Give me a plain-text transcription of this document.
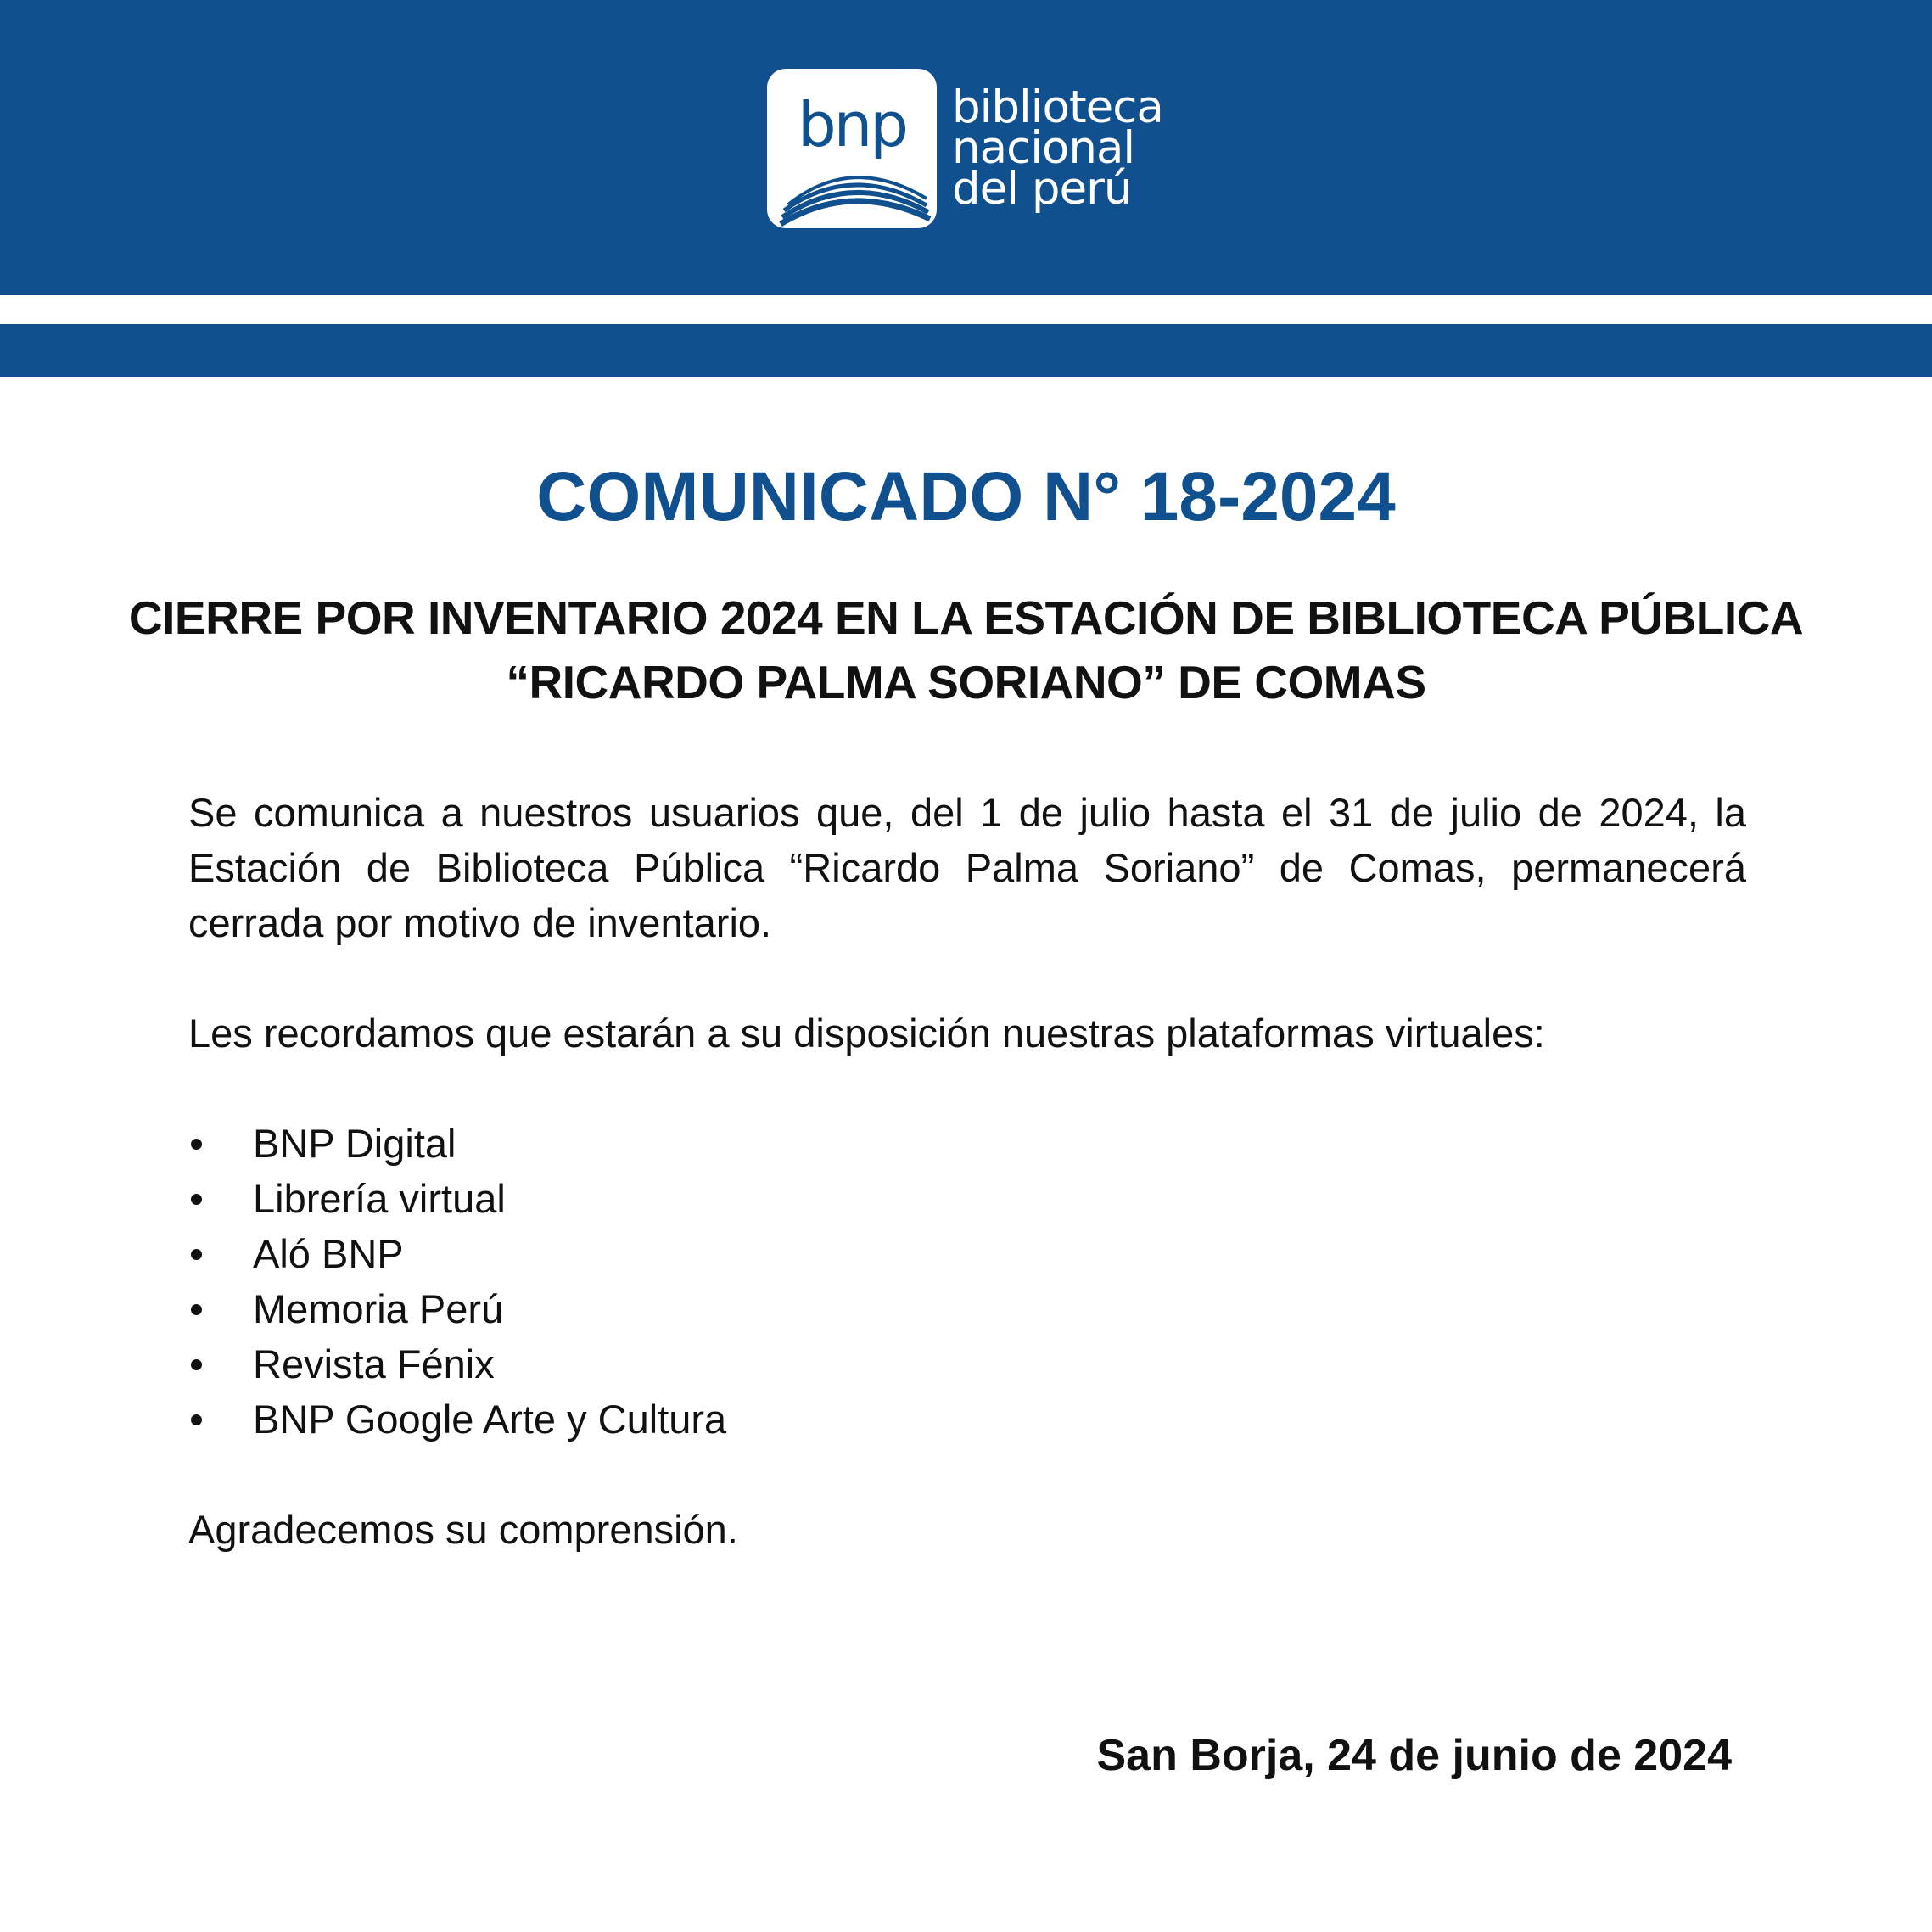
bnp	biblioteca
nacional
del perú
COMUNICADO N° 18-2024
CIERRE POR INVENTARIO 2024 EN LA ESTACIÓN DE BIBLIOTECA PÚBLICA “RICARDO PALMA SORIANO” DE COMAS

Se comunica a nuestros usuarios que, del 1 de julio hasta el 31 de julio de 2024, la Estación de Biblioteca Pública “Ricardo Palma Soriano” de Comas, permanecerá cerrada por motivo de inventario.

Les recordamos que estarán a su disposición nuestras plataformas virtuales:

BNP Digital
Librería virtual
Aló BNP
Memoria Perú
Revista Fénix
BNP Google Arte y Cultura

Agradecemos su comprensión.

San Borja, 24 de junio de 2024
